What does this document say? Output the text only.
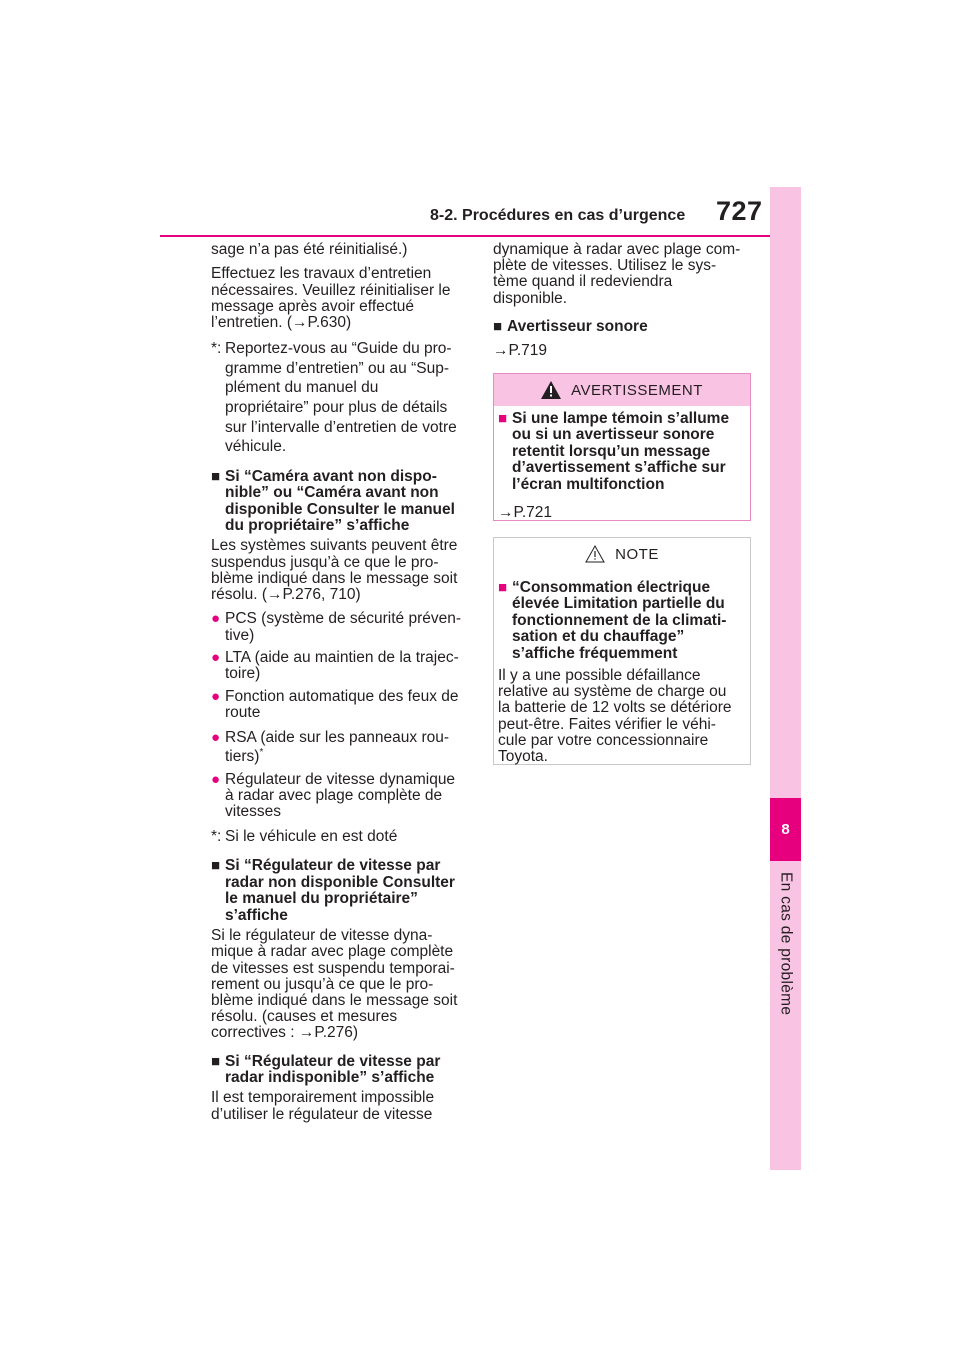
8-2. Procédures en cas d’urgence 727
8
En cas de problème

sage n’a pas été réinitialisé.)

Effectuez les travaux d’entretien
nécessaires. Veuillez réinitialiser le
message après avoir effectué
l’entretien. (→P.630)

*: Reportez-vous au “Guide du pro-
gramme d’entretien” ou au “Sup-
plément du manuel du
propriétaire” pour plus de détails
sur l’intervalle d’entretien de votre
véhicule.
■ Si “Caméra avant non dispo-
nible” ou “Caméra avant non
disponible Consulter le manuel
du propriétaire” s’affiche

Les systèmes suivants peuvent être
suspendus jusqu’à ce que le pro-
blème indiqué dans le message soit
résolu. (→P.276, 710)

● PCS (système de sécurité préven-
tive)
● LTA (aide au maintien de la trajec-
toire)
● Fonction automatique des feux de
route
● RSA (aide sur les panneaux rou-
tiers)*
● Régulateur de vitesse dynamique
à radar avec plage complète de
vitesses
*: Si le véhicule en est doté
■ Si “Régulateur de vitesse par
radar non disponible Consulter
le manuel du propriétaire”
s’affiche

Si le régulateur de vitesse dyna-
mique à radar avec plage complète
de vitesses est suspendu temporai-
rement ou jusqu’à ce que le pro-
blème indiqué dans le message soit
résolu. (causes et mesures
correctives : →P.276)

■ Si “Régulateur de vitesse par
radar indisponible” s’affiche

Il est temporairement impossible
d’utiliser le régulateur de vitesse

dynamique à radar avec plage com-
plète de vitesses. Utilisez le sys-
tème quand il redeviendra
disponible.

■ Avertisseur sonore

→P.719

AVERTISSEMENT
■ Si une lampe témoin s’allume
ou si un avertisseur sonore
retentit lorsqu’un message
d’avertissement s’affiche sur
l’écran multifonction

→P.721

NOTE
■ “Consommation électrique
élevée Limitation partielle du
fonctionnement de la climati-
sation et du chauffage”
s’affiche fréquemment

Il y a une possible défaillance
relative au système de charge ou
la batterie de 12 volts se détériore
peut-être. Faites vérifier le véhi-
cule par votre concessionnaire
Toyota.
